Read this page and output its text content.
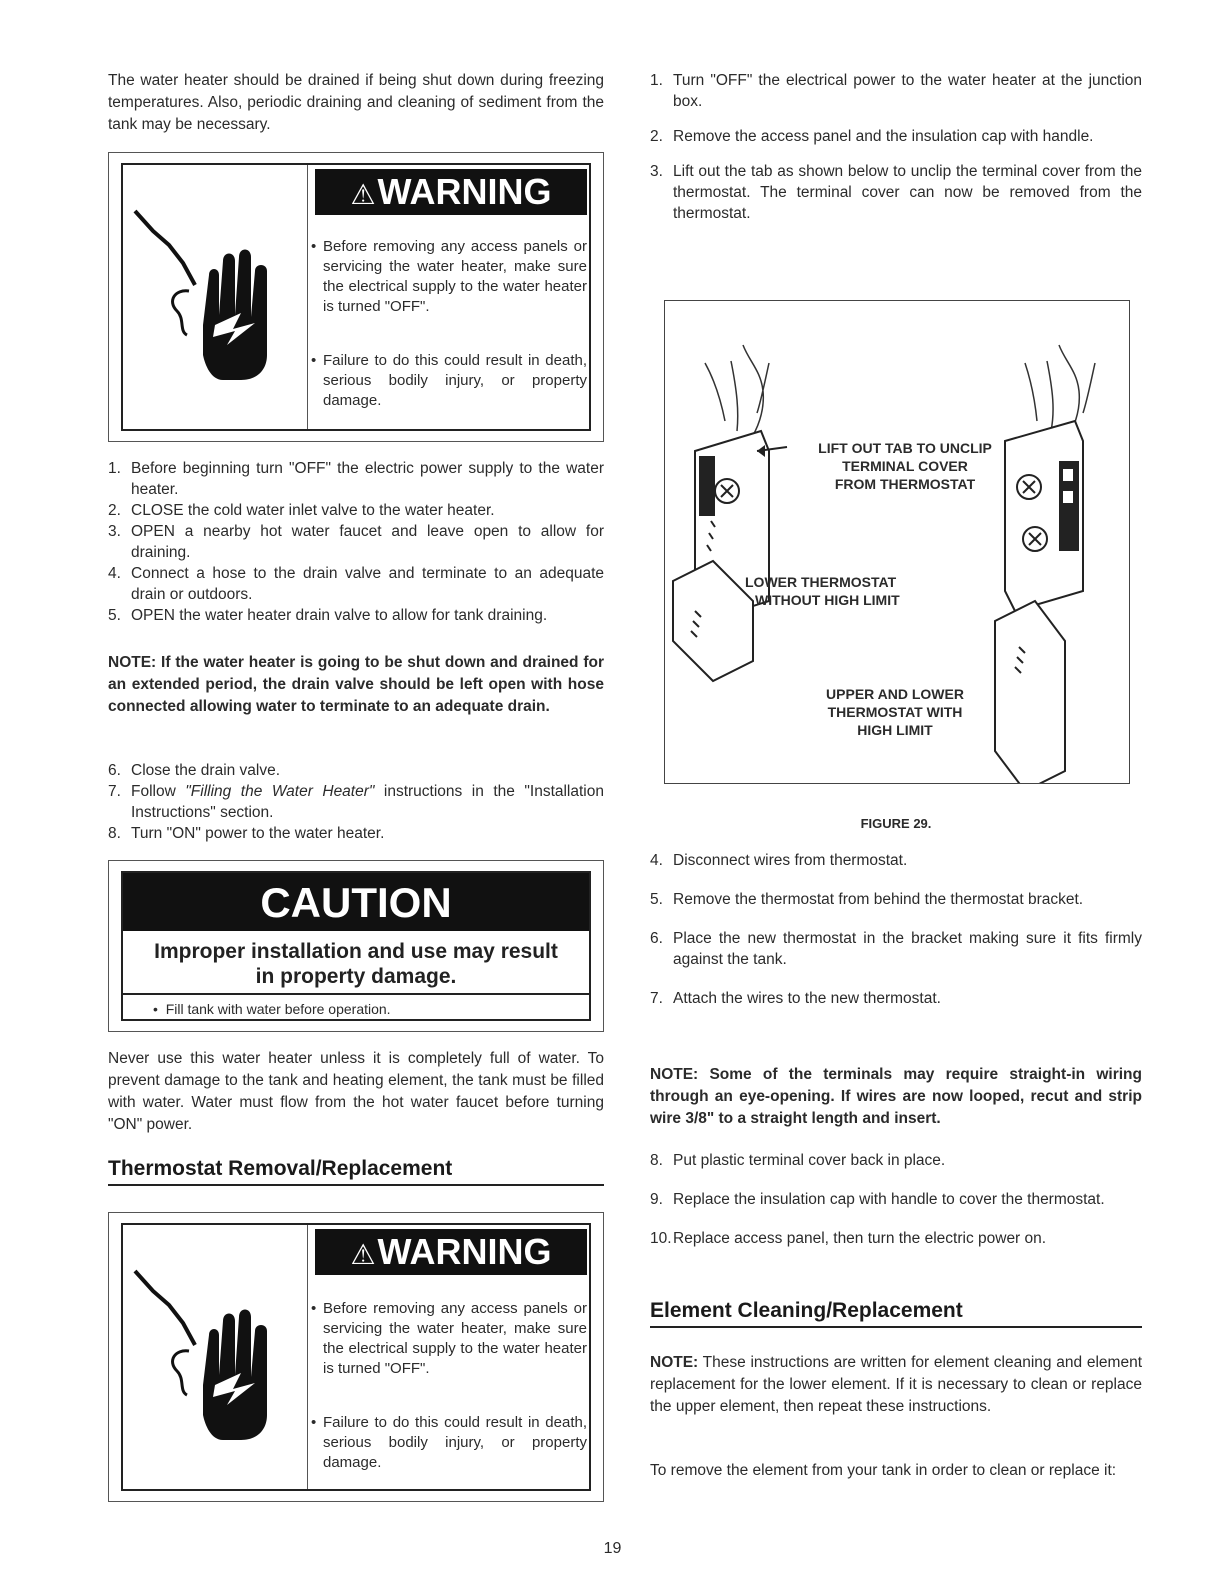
The water heater should be drained if being shut down during freezing temperatures. Also, periodic draining and cleaning of sediment from the tank may be necessary.

⚠WARNING
• Before removing any access panels or servicing the water heater, make sure the electrical supply to the water heater is turned "OFF".
• Failure to do this could result in death, serious bodily injury, or property damage.
1. Before beginning turn "OFF" the electric power supply to the water heater.
2. CLOSE the cold water inlet valve to the water heater.
3. OPEN a nearby hot water faucet and leave open to allow for draining.
4. Connect a hose to the drain valve and terminate to an adequate drain or outdoors.
5. OPEN the water heater drain valve to allow for tank draining.

NOTE: If the water heater is going to be shut down and drained for an extended period, the drain valve should be left open with hose connected allowing water to terminate to an adequate drain.

6. Close the drain valve.
7. Follow "Filling the Water Heater" instructions in the "Installation Instructions" section.
8. Turn "ON" power to the water heater.
CAUTION
Improper installation and use may result
in property damage.
•  Fill tank with water before operation.

Never use this water heater unless it is completely full of water. To prevent damage to the tank and heating element, the tank must be filled with water. Water must flow from the hot water faucet before turning "ON" power.

Thermostat Removal/Replacement
⚠WARNING
• Before removing any access panels or servicing the water heater, make sure the electrical supply to the water heater is turned "OFF".
• Failure to do this could result in death, serious bodily injury, or property damage.
1. Turn "OFF" the electrical power to the water heater at the junction box.
2. Remove the access panel and the insulation cap with handle.
3. Lift out the tab as shown below to unclip the terminal cover from the thermostat. The terminal cover can now be removed from the thermostat.
LIFT OUT TAB TO UNCLIP
TERMINAL COVER
FROM THERMOSTAT
LOWER THERMOSTAT
WITHOUT HIGH LIMIT
UPPER AND LOWER
THERMOSTAT WITH
HIGH LIMIT
FIGURE 29.
4. Disconnect wires from thermostat.
5. Remove the thermostat from behind the thermostat bracket.
6. Place the new thermostat in the bracket making sure it fits firmly against the tank.
7. Attach the wires to the new thermostat.

NOTE: Some of the terminals may require straight-in wiring through an eye-opening. If wires are now looped, recut and strip wire 3/8" to a straight length and insert.

8. Put plastic terminal cover back in place.
9. Replace the insulation cap with handle to cover the thermostat.
10. Replace access panel, then turn the electric power on.
Element Cleaning/Replacement

NOTE: These instructions are written for element cleaning and element replacement for the lower element. If it is necessary to clean or replace the upper element, then repeat these instructions.

To remove the element from your tank in order to clean or replace it:

19
